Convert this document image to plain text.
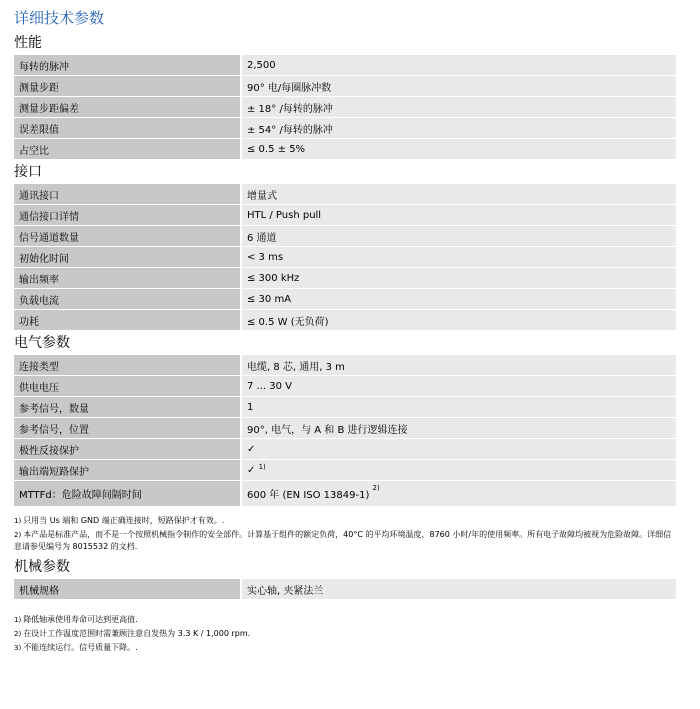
详细技术参数
性能
每转的脉冲	2,500
测量步距	90° 电/每圈脉冲数
测量步距偏差	± 18° /每转的脉冲
误差限值	± 54° /每转的脉冲
占空比	≤ 0.5 ± 5%
接口
通讯接口	增量式
通信接口详情	HTL / Push pull
信号通道数量	6 通道
初始化时间	< 3 ms
输出频率	≤ 300 kHz
负载电流	≤ 30 mA
功耗	≤ 0.5 W (无负荷)
电气参数
连接类型	电缆, 8 芯, 通用, 3 m
供电电压	7 ... 30 V
参考信号，数量	1
参考信号，位置	90°, 电气，与 A 和 B 进行逻辑连接
极性反接保护	✓
输出端短路保护	✓ $^{1)}$
MTTFd：危险故障间隔时间	600 年 (EN ISO 13849-1) $^{2)}$
1) 只用当 Us 端和 GND 端正确连接时，短路保护才有效。.
2) 本产品是标准产品，而不是一个按照机械指令制作的安全部件。计算基于组件的额定负荷，40°C 的平均环境温度，8760 小时/年的使用频率。所有电子故障均被视为危险故障。详细信息请参见编号为 8015532 的文档.
机械参数
机械规格	实心轴, 夹紧法兰
1) 降低轴承使用寿命可达到更高值.
2) 在设计工作温度范围时需兼顾注意自发热为 3.3 K / 1,000 rpm.
3) 不能连续运行。信号质量下降。.
